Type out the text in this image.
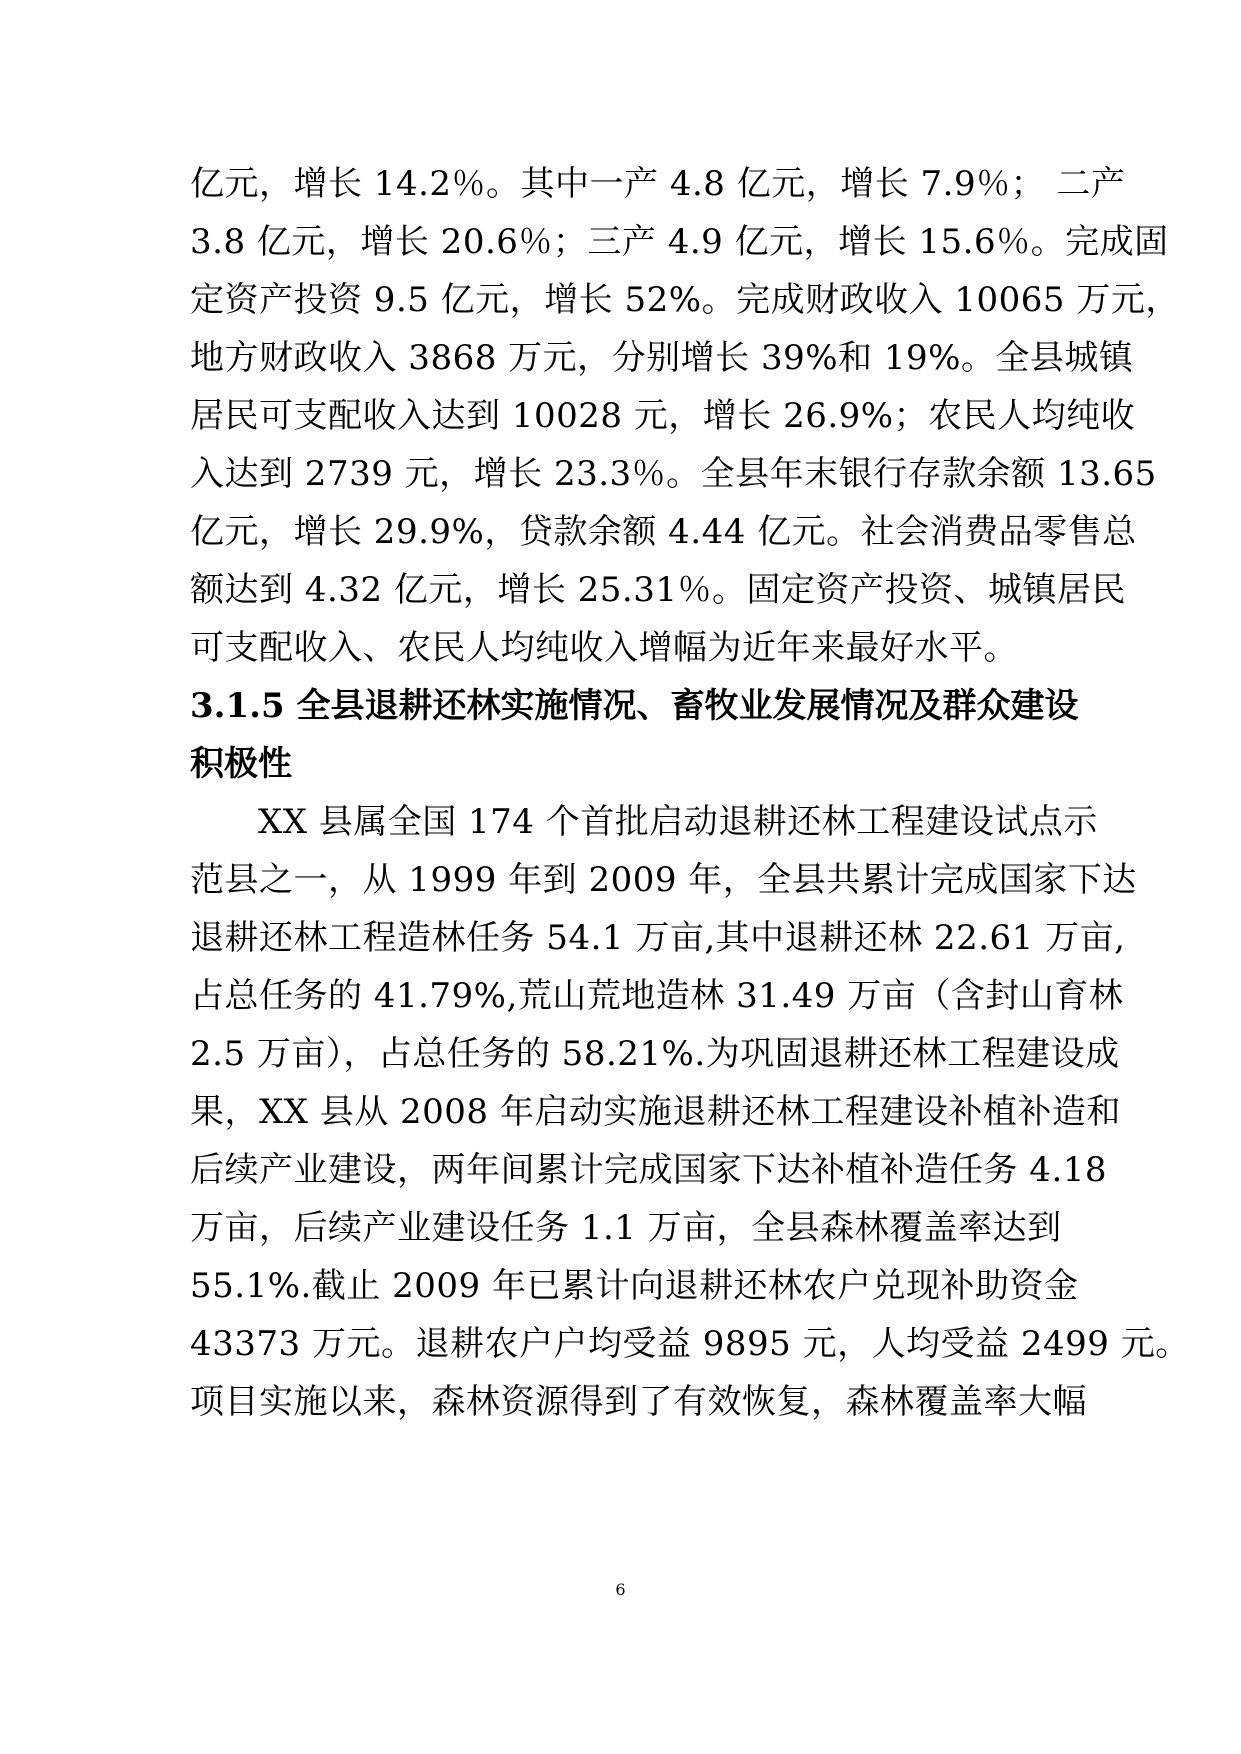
亿元，增长 14.2％。其中一产 4.8 亿元，增长 7.9％； 二产
3.8 亿元，增长 20.6％；三产 4.9 亿元，增长 15.6％。完成固
定资产投资 9.5 亿元，增长 52%。完成财政收入 10065 万元，
地方财政收入 3868 万元，分别增长 39%和 19%。全县城镇
居民可支配收入达到 10028 元，增长 26.9%；农民人均纯收
入达到 2739 元，增长 23.3％。全县年末银行存款余额 13.65
亿元，增长 29.9%，贷款余额 4.44 亿元。社会消费品零售总
额达到 4.32 亿元，增长 25.31％。固定资产投资、城镇居民
可支配收入、农民人均纯收入增幅为近年来最好水平。
3.1.5 全县退耕还林实施情况、畜牧业发展情况及群众建设
积极性
XX 县属全国 174 个首批启动退耕还林工程建设试点示
范县之一，从 1999 年到 2009 年，全县共累计完成国家下达
退耕还林工程造林任务 54.1 万亩,其中退耕还林 22.61 万亩,
占总任务的 41.79%,荒山荒地造林 31.49 万亩（含封山育林
2.5 万亩），占总任务的 58.21%.为巩固退耕还林工程建设成
果，XX 县从 2008 年启动实施退耕还林工程建设补植补造和
后续产业建设，两年间累计完成国家下达补植补造任务 4.18
万亩，后续产业建设任务 1.1 万亩，全县森林覆盖率达到
55.1%.截止 2009 年已累计向退耕还林农户兑现补助资金
43373 万元。退耕农户户均受益 9895 元，人均受益 2499 元。
项目实施以来，森林资源得到了有效恢复，森林覆盖率大幅
6
